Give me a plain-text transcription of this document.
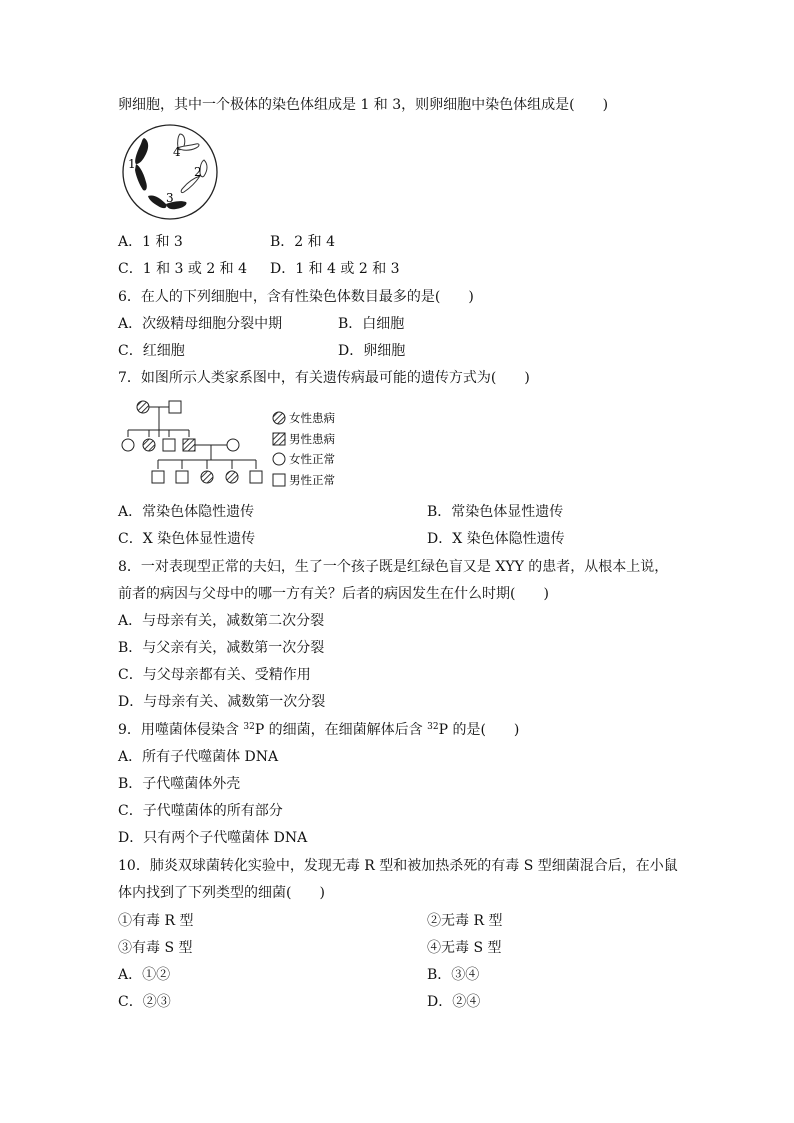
卵细胞，其中一个极体的染色体组成是 1 和 3，则卵细胞中染色体组成是(　　)
1
4
2
3
A．1 和 3	B．2 和 4
C．1 和 3 或 2 和 4 D．1 和 4 或 2 和 3
6．在人的下列细胞中，含有性染色体数目最多的是(　　)
A．次级精母细胞分裂中期	B．白细胞
C．红细胞	D．卵细胞
7．如图所示人类家系图中，有关遗传病最可能的遗传方式为(　　)
女性患病
男性患病
女性正常
男性正常
A．常染色体隐性遗传	B．常染色体显性遗传
C．X 染色体显性遗传	D．X 染色体隐性遗传
8．一对表现型正常的夫妇，生了一个孩子既是红绿色盲又是 XYY 的患者，从根本上说，
前者的病因与父母中的哪一方有关？后者的病因发生在什么时期(　　)
A．与母亲有关，减数第二次分裂
B．与父亲有关，减数第一次分裂
C．与父母亲都有关、受精作用
D．与母亲有关、减数第一次分裂
9．用噬菌体侵染含 $^{32}$P 的细菌，在细菌解体后含 $^{32}$P 的是(　　)
A．所有子代噬菌体 DNA
B．子代噬菌体外壳
C．子代噬菌体的所有部分
D．只有两个子代噬菌体 DNA
10．肺炎双球菌转化实验中，发现无毒 R 型和被加热杀死的有毒 S 型细菌混合后，在小鼠
体内找到了下列类型的细菌(　　)
①有毒 R 型	②无毒 R 型
③有毒 S 型	④无毒 S 型
A．①②	B．③④
C．②③	D．②④
